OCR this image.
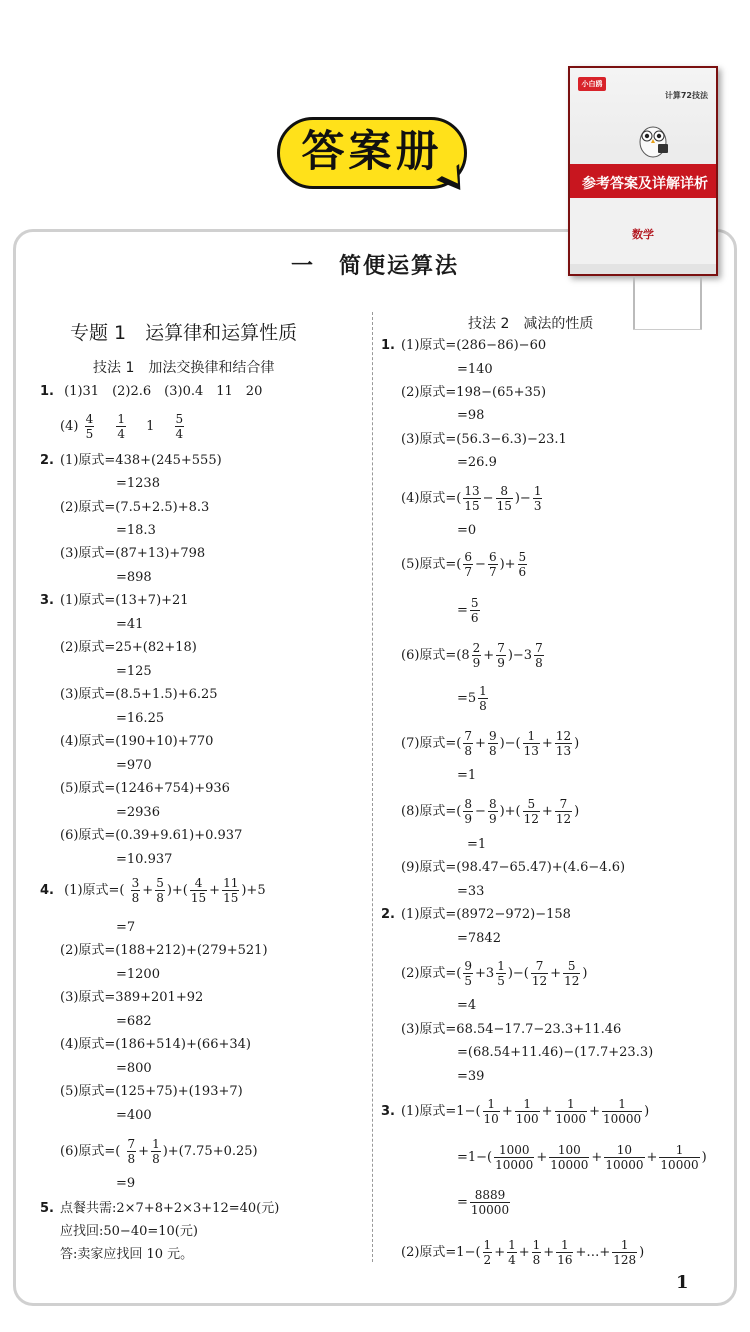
答案册
小白鸥
计算72技法
参考答案及详解详析
数学
一　简便运算法
专题 1　运算律和运算性质
技法 1　加法交换律和结合律
技法 2　减法的性质
1. (1)31　(2)2.6　(3)0.4　11　20
$(4) \frac{4}{5}$
$\frac{1}{4} 1 \frac{5}{4}$
2. (1)原式=438+(245+555)
=1238
(2)原式=(7.5+2.5)+8.3
=18.3
(3)原式=(87+13)+798
=898
3. (1)原式=(13+7)+21
=41
(2)原式=25+(82+18)
=125
(3)原式=(8.5+1.5)+6.25
=16.25
(4)原式=(190+10)+770
=970
(5)原式=(1246+754)+936
=2936
(6)原式=(0.39+9.61)+0.937
=10.937
4. (1)原式=( $\frac{3}{8} + \frac{5}{8}$ )+( $\frac{4}{15} + \frac{11}{15} )+5$
=7
(2)原式=(188+212)+(279+521)
=1200
(3)原式=389+201+92
=682
(4)原式=(186+514)+(66+34)
=800
(5)原式=(125+75)+(193+7)
=400
(6)原式=( $\frac{7}{8} + \frac{1}{8} )+(7.75+0.25)$
=9
5. 点餐共需:2×7+8+2×3+12=40(元)
应找回:50−40=10(元)
答:卖家应找回 10 元。
1. (1)原式=(286−86)−60
=140
(2)原式=198−(65+35)
=98
(3)原式=(56.3−6.3)−23.1
=26.9
(4)原式=( $\frac{13}{15} - \frac{8}{15}$ )− $\frac{1}{3}$
=0
(5)原式=( $\frac{6}{7} - \frac{6}{7}$ )+ $\frac{5}{6}$
= $\frac{5}{6}$
(6)原式$=(8 \frac{2}{9} + \frac{7}{9} )-3 \frac{7}{8}$
$=5 \frac{1}{8}$
(7)原式=( $\frac{7}{8} + \frac{9}{8}$ )−( $\frac{1}{13} + \frac{12}{13}$ )
=1
(8)原式=( $\frac{8}{9} - \frac{8}{9}$ )+( $\frac{5}{12} + \frac{7}{12}$ )
=1
(9)原式=(98.47−65.47)+(4.6−4.6)
=33
2. (1)原式=(8972−972)−158
=7842
(2)原式=( $\frac{9}{5} +3 \frac{1}{5}$ )−( $\frac{7}{12} + \frac{5}{12}$ )
=4
(3)原式=68.54−17.7−23.3+11.46
=(68.54+11.46)−(17.7+23.3)
=39
3. (1)原式$=1-( \frac{1}{10} + \frac{1}{100} + \frac{1}{1000} + \frac{1}{10000}$ )
$=1-( \frac{1000}{10000} + \frac{100}{10000} + \frac{10}{10000} + \frac{1}{10000}$ )
= $\frac{8889}{10000}$
(2)原式$=1-( \frac{1}{2} + \frac{1}{4} + \frac{1}{8} + \frac{1}{16}$ +…+ $\frac{1}{128}$ )
1
